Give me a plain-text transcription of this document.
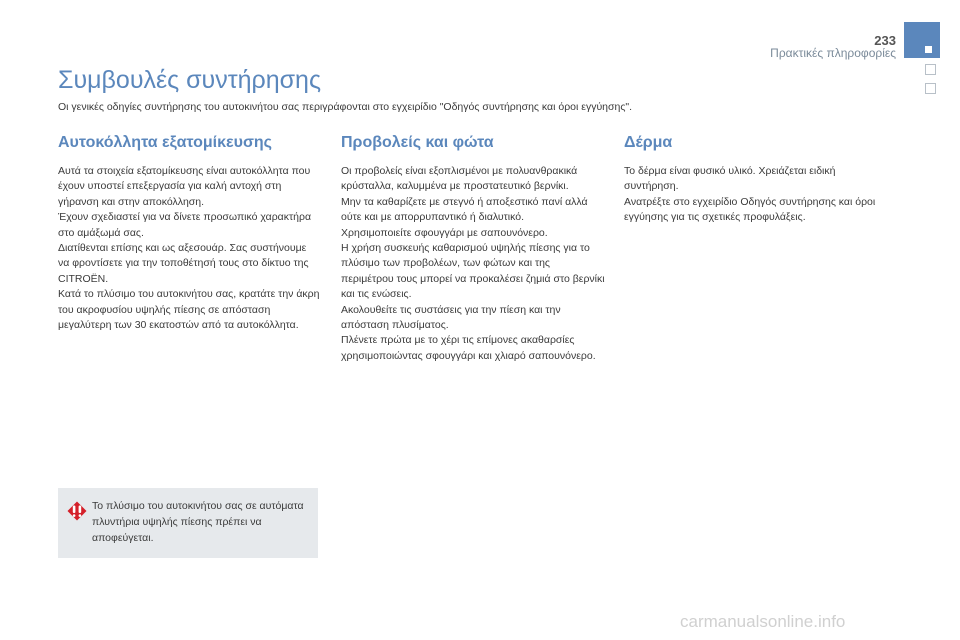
233
Πρακτικές πληροφορίες
Συμβουλές συντήρησης
Οι γενικές οδηγίες συντήρησης του αυτοκινήτου σας περιγράφονται στο εγχειρίδιο "Οδηγός συντήρησης και όροι εγγύησης".
Αυτοκόλλητα εξατομίκευσης

Αυτά τα στοιχεία εξατομίκευσης είναι αυτοκόλλητα που έχουν υποστεί επεξεργασία για καλή αντοχή στη γήρανση και στην αποκόλληση.

Έχουν σχεδιαστεί για να δίνετε προσωπικό χαρακτήρα στο αμάξωμά σας.

Διατίθενται επίσης και ως αξεσουάρ. Σας συστήνουμε να φροντίσετε για την τοποθέτησή τους στο δίκτυο της CITROËN.

Κατά το πλύσιμο του αυτοκινήτου σας, κρατάτε την άκρη του ακροφυσίου υψηλής πίεσης σε απόσταση μεγαλύτερη των 30 εκατοστών από τα αυτοκόλλητα.

Προβολείς και φώτα

Οι προβολείς είναι εξοπλισμένοι με πολυανθρακικά κρύσταλλα, καλυμμένα με προστατευτικό βερνίκι.

Μην τα καθαρίζετε με στεγνό ή αποξεστικό πανί αλλά ούτε και με απορρυπαντικό ή διαλυτικό.

Χρησιμοποιείτε σφουγγάρι με σαπουνόνερο.

Η χρήση συσκευής καθαρισμού υψηλής πίεσης για το πλύσιμο των προβολέων, των φώτων και της περιμέτρου τους μπορεί να προκαλέσει ζημιά στο βερνίκι και τις ενώσεις.

Ακολουθείτε τις συστάσεις για την πίεση και την απόσταση πλυσίματος.

Πλένετε πρώτα με το χέρι τις επίμονες ακαθαρσίες χρησιμοποιώντας σφουγγάρι και χλιαρό σαπουνόνερο.

Δέρμα

Το δέρμα είναι φυσικό υλικό. Χρειάζεται ειδική συντήρηση.

Ανατρέξτε στο εγχειρίδιο Οδηγός συντήρησης και όροι εγγύησης για τις σχετικές προφυλάξεις.

Το πλύσιμο του αυτοκινήτου σας σε αυτόματα πλυντήρια υψηλής πίεσης πρέπει να αποφεύγεται.
carmanualsonline.info
